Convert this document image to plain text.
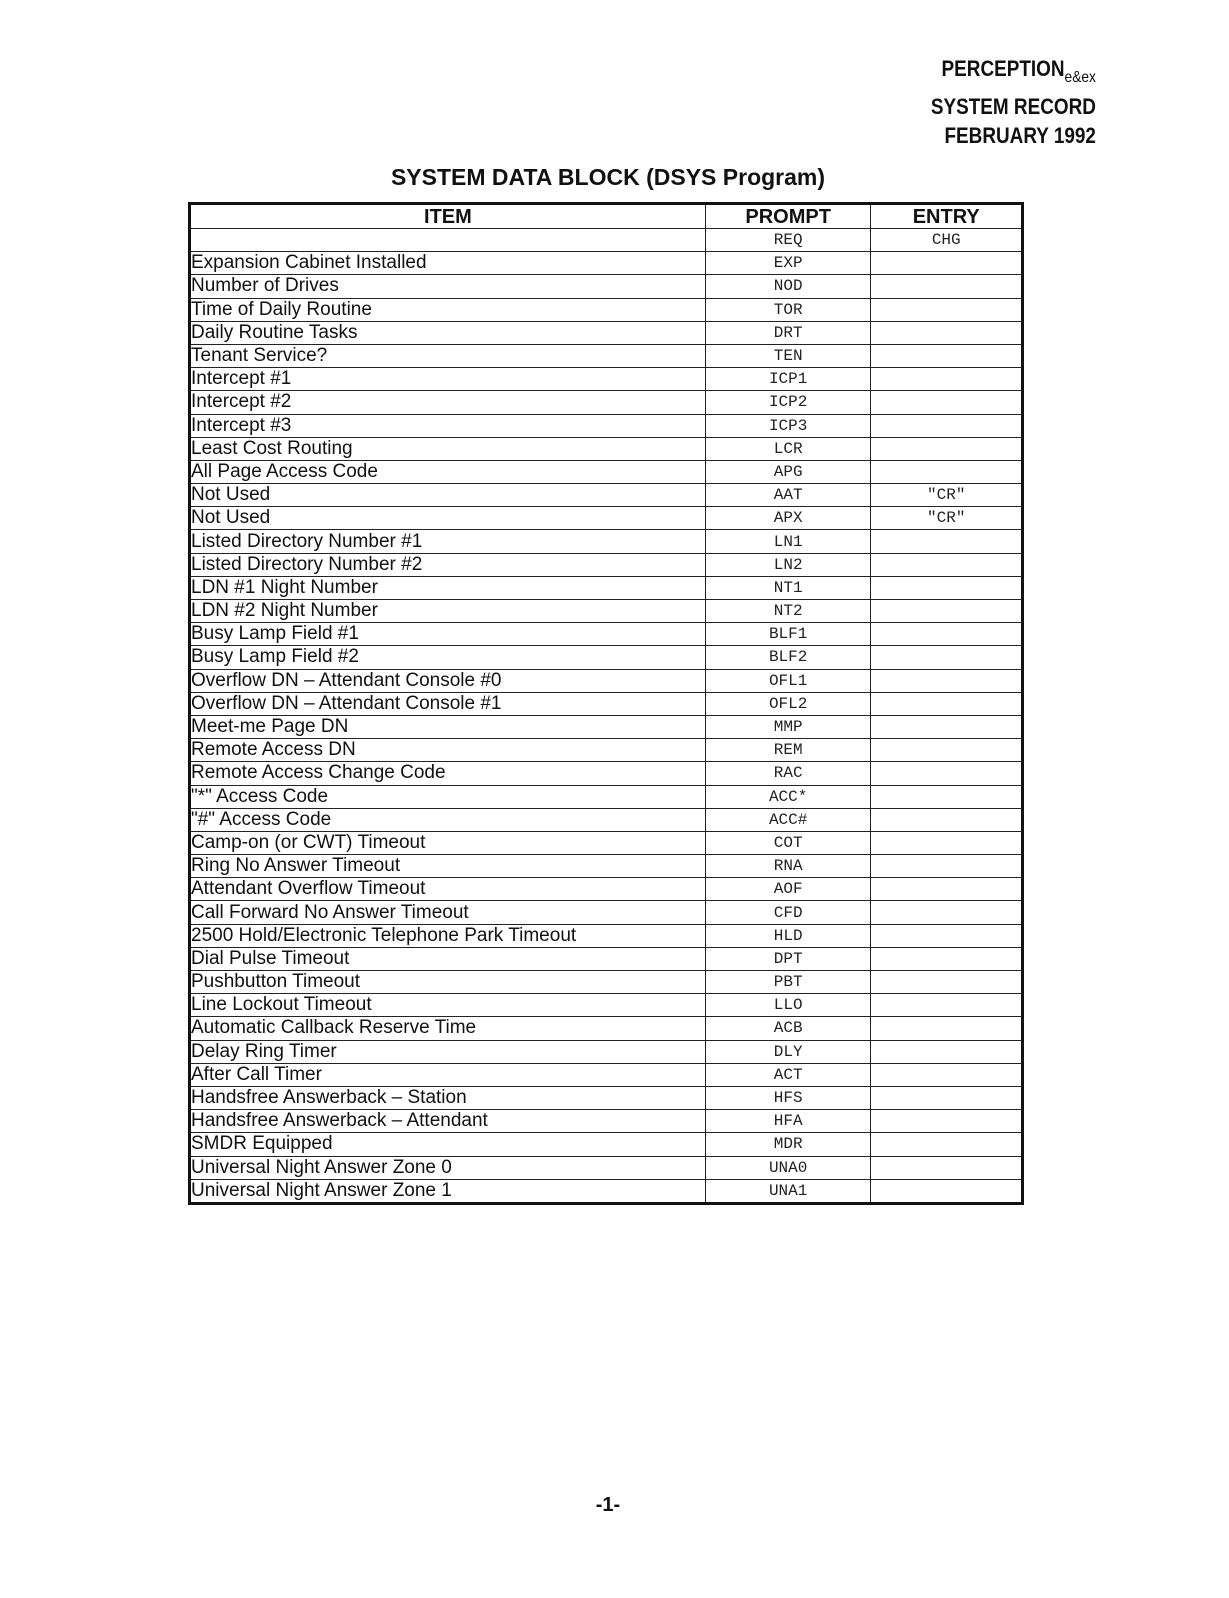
$PERCEPTION_{e\&ex}$
SYSTEM RECORD
FEBRUARY 1992
SYSTEM DATA BLOCK (DSYS Program)
ITEM	PROMPT	ENTRY
	REQ	CHG
Expansion Cabinet Installed	EXP	
Number of Drives	NOD	
Time of Daily Routine	TOR	
Daily Routine Tasks	DRT	
Tenant Service?	TEN	
Intercept #1	ICP1	
Intercept #2	ICP2	
Intercept #3	ICP3	
Least Cost Routing	LCR	
All Page Access Code	APG	
Not Used	AAT	"CR"
Not Used	APX	"CR"
Listed Directory Number #1	LN1	
Listed Directory Number #2	LN2	
LDN #1 Night Number	NT1	
LDN #2 Night Number	NT2	
Busy Lamp Field #1	BLF1	
Busy Lamp Field #2	BLF2	
Overflow DN – Attendant Console #0	OFL1	
Overflow DN – Attendant Console #1	OFL2	
Meet-me Page DN	MMP	
Remote Access DN	REM	
Remote Access Change Code	RAC	
"*" Access Code	ACC*	
"#" Access Code	ACC#	
Camp-on (or CWT) Timeout	COT	
Ring No Answer Timeout	RNA	
Attendant Overflow Timeout	AOF	
Call Forward No Answer Timeout	CFD	
2500 Hold/Electronic Telephone Park Timeout	HLD	
Dial Pulse Timeout	DPT	
Pushbutton Timeout	PBT	
Line Lockout Timeout	LLO	
Automatic Callback Reserve Time	ACB	
Delay Ring Timer	DLY	
After Call Timer	ACT	
Handsfree Answerback – Station	HFS	
Handsfree Answerback – Attendant	HFA	
SMDR Equipped	MDR	
Universal Night Answer Zone 0	UNA0	
Universal Night Answer Zone 1	UNA1	
-1-
